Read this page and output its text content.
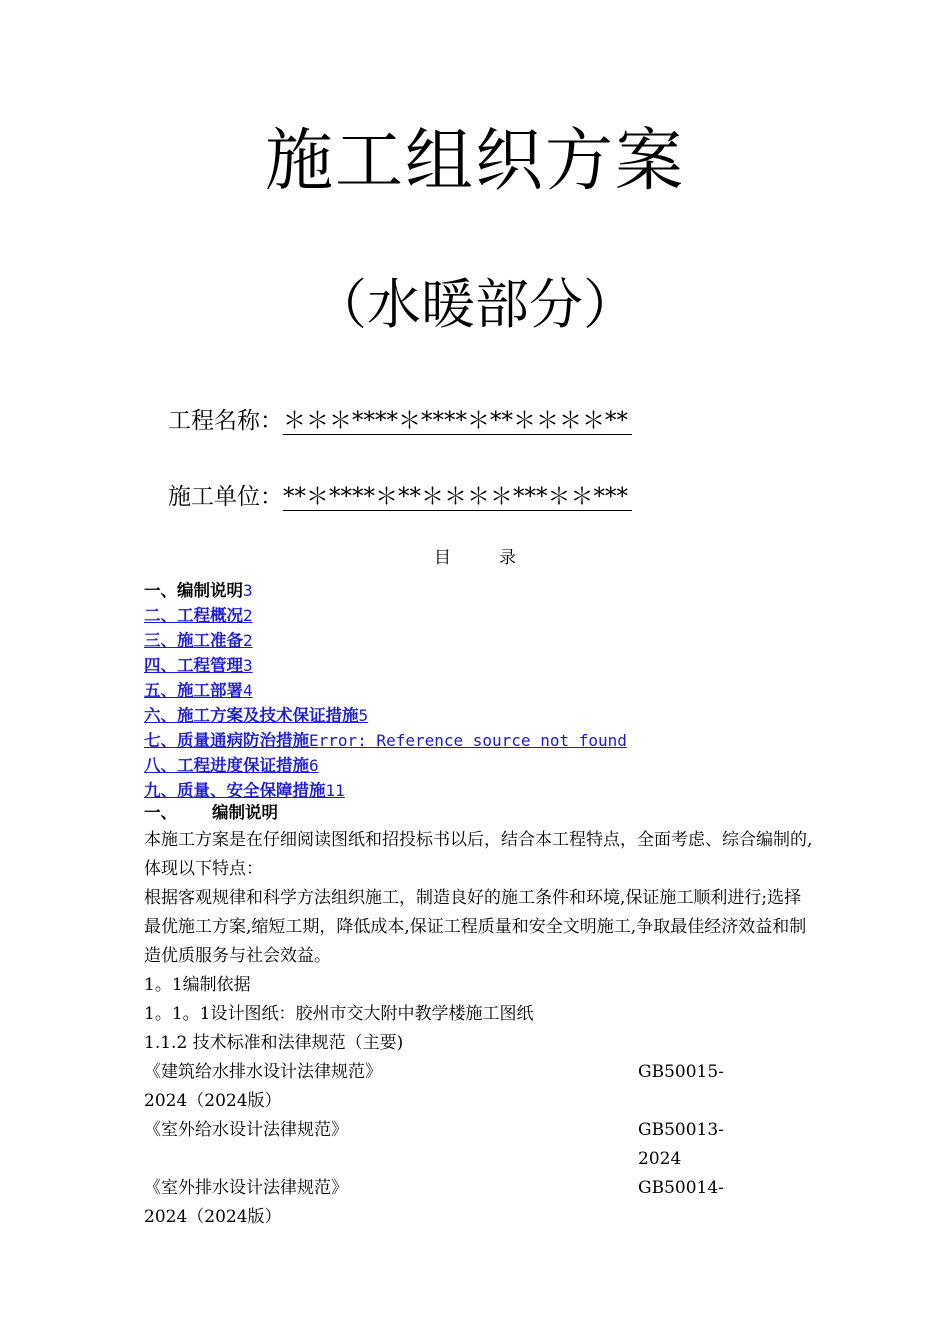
施工组织方案
（水暖部分）
工程名称：＊＊＊****＊****＊**＊＊＊＊**
施工单位：**＊****＊**＊＊＊＊***＊＊***
目录
一、编制说明3
二、工程概况2
三、施工准备2
四、工程管理3
五、施工部署4
六、施工方案及技术保证措施5
七、质量通病防治措施Error: Reference source not found
八、工程进度保证措施6
九、质量、安全保障措施11
一、 编制说明

本施工方案是在仔细阅读图纸和招投标书以后，结合本工程特点，全面考虑、综合编制的,体现以下特点：

根据客观规律和科学方法组织施工，制造良好的施工条件和环境,保证施工顺利进行;选择最优施工方案,缩短工期，降低成本,保证工程质量和安全文明施工,争取最佳经济效益和制造优质服务与社会效益。

1。1编制依据

1。1。1设计图纸：胶州市交大附中教学楼施工图纸

1.1.2 技术标准和法律规范（主要)

《建筑给水排水设计法律规范》	GB50015-

2024（2024版）

《室外给水设计法律规范》	GB50013-2024
《室外排水设计法律规范》	GB50014-

2024（2024版）
